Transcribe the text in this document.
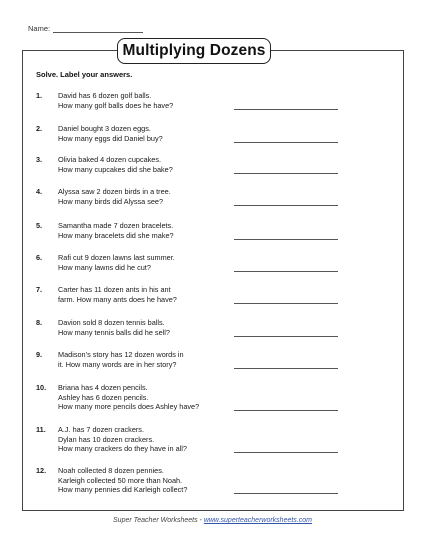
Name:
Multiplying Dozens
Solve. Label your answers.
1. David has 6 dozen golf balls.
How many golf balls does he have?
2. Daniel bought 3 dozen eggs.
How many eggs did Daniel buy?
3. Olivia baked 4 dozen cupcakes.
How many cupcakes did she bake?
4. Alyssa saw 2 dozen birds in a tree.
How many birds did Alyssa see?
5. Samantha made 7 dozen bracelets.
How many bracelets did she make?
6. Rafi cut 9 dozen lawns last summer.
How many lawns did he cut?
7. Carter has 11 dozen ants in his ant
farm. How many ants does he have?
8. Davion sold 8 dozen tennis balls.
How many tennis balls did he sell?
9. Madison’s story has 12 dozen words in
it. How many words are in her story?
10. Briana has 4 dozen pencils.
Ashley has 6 dozen pencils.
How many more pencils does Ashley have?
11. A.J. has 7 dozen crackers.
Dylan has 10 dozen crackers.
How many crackers do they have in all?
12. Noah collected 8 dozen pennies.
Karleigh collected 50 more than Noah.
How many pennies did Karleigh collect?
Super Teacher Worksheets - www.superteacherworksheets.com
